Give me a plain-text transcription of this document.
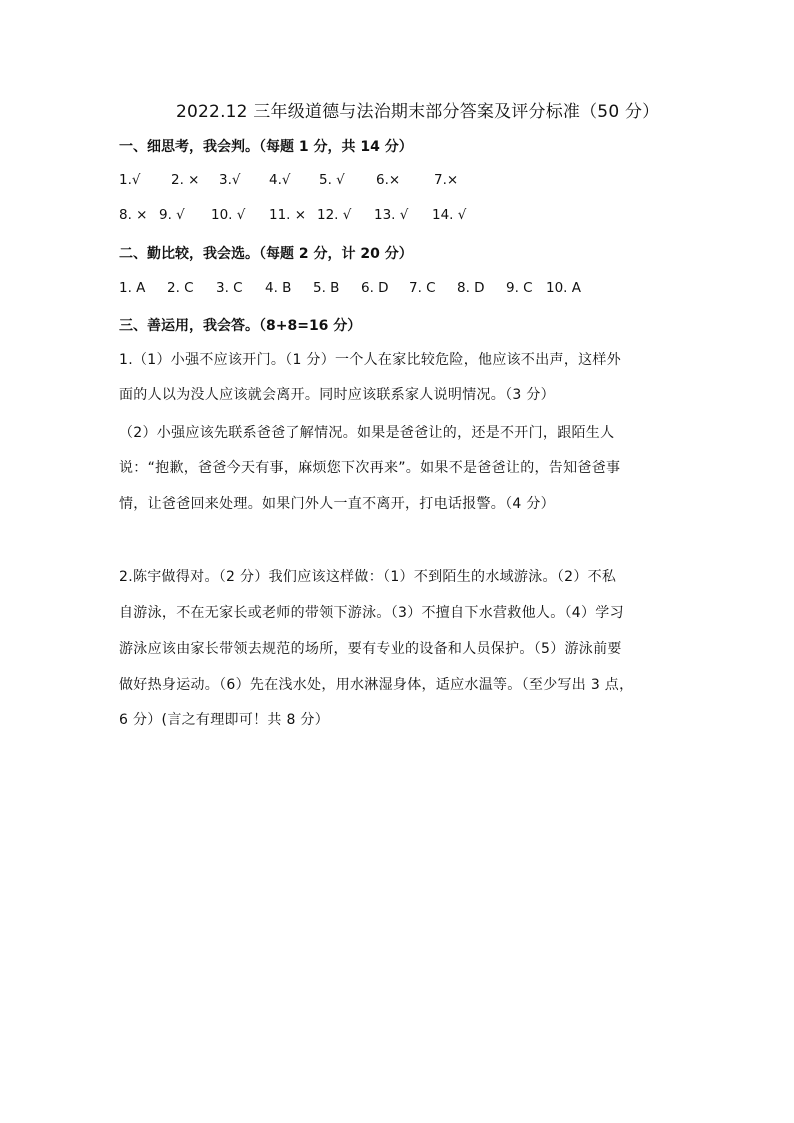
2022.12 三年级道德与法治期末部分答案及评分标准（50 分）
一、细思考，我会判。（每题 1 分，共 14 分）
1.√ 2. × 3.√ 4.√ 5. √ 6.×	7.×
8. × 9. √ 10. √ 11. × 12. √ 13. √ 14. √
二、勤比较，我会选。（每题 2 分，计 20 分）
1. A 2. C 3. C 4. B 5. B 6. D 7. C 8. D 9. C 10. A
三、善运用，我会答。（8+8=16 分）
1.（1）小强不应该开门。（1 分）一个人在家比较危险，他应该不出声，这样外
面的人以为没人应该就会离开。同时应该联系家人说明情况。（3 分）
（2）小强应该先联系爸爸了解情况。如果是爸爸让的，还是不开门，跟陌生人
说：“抱歉，爸爸今天有事，麻烦您下次再来”。如果不是爸爸让的，告知爸爸事
情，让爸爸回来处理。如果门外人一直不离开，打电话报警。（4 分）
2.陈宇做得对。（2 分）我们应该这样做：（1）不到陌生的水域游泳。（2）不私
自游泳，不在无家长或老师的带领下游泳。（3）不擅自下水营救他人。（4）学习
游泳应该由家长带领去规范的场所，要有专业的设备和人员保护。（5）游泳前要
做好热身运动。（6）先在浅水处，用水淋湿身体，适应水温等。（至少写出 3 点，
6 分）(言之有理即可！共 8 分）
